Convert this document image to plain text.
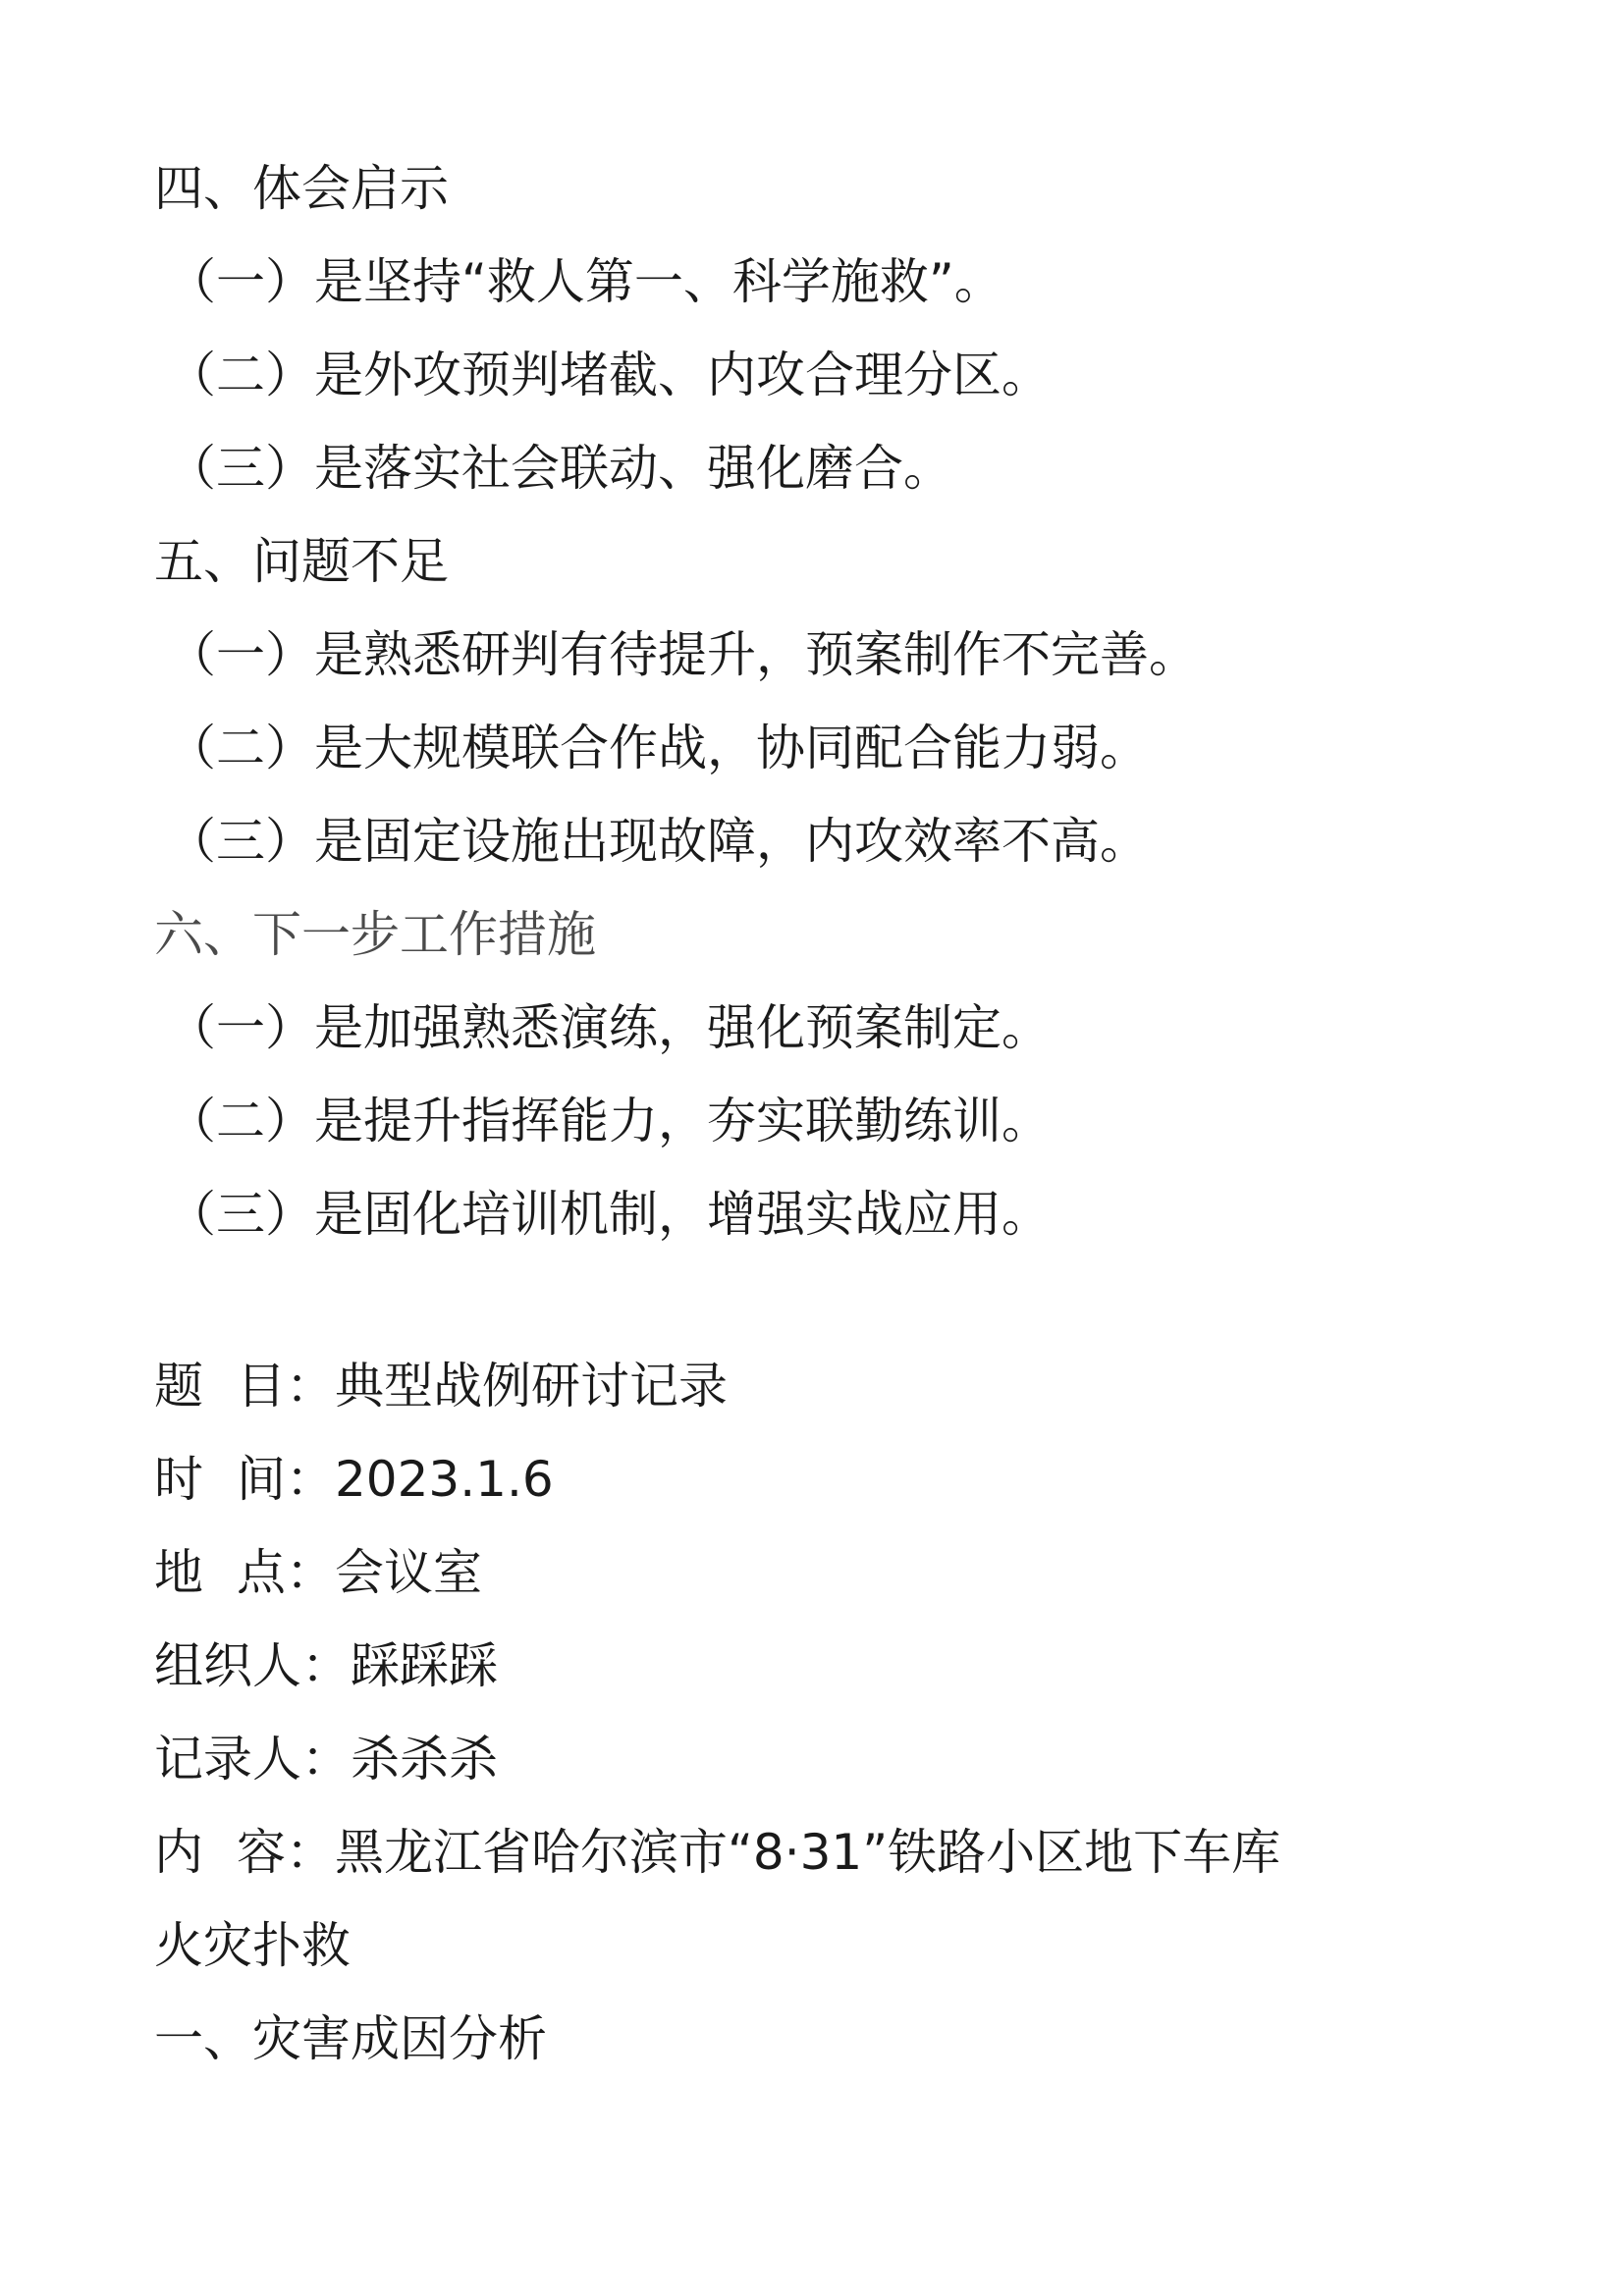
四、体会启示
（一）是坚持“救人第一、科学施救”。
（二）是外攻预判堵截、内攻合理分区。
（三）是落实社会联动、强化磨合。
五、问题不足
（一）是熟悉研判有待提升，预案制作不完善。
（二）是大规模联合作战，协同配合能力弱。
（三）是固定设施出现故障，内攻效率不高。
六、下一步工作措施
（一）是加强熟悉演练，强化预案制定。
（二）是提升指挥能力，夯实联勤练训。
（三）是固化培训机制，增强实战应用。
题 目：典型战例研讨记录
时 间：2023.1.6
地 点：会议室
组织人：踩踩踩
记录人：杀杀杀
内 容：黑龙江省哈尔滨市“8·31”铁路小区地下车库
火灾扑救
一、灾害成因分析
